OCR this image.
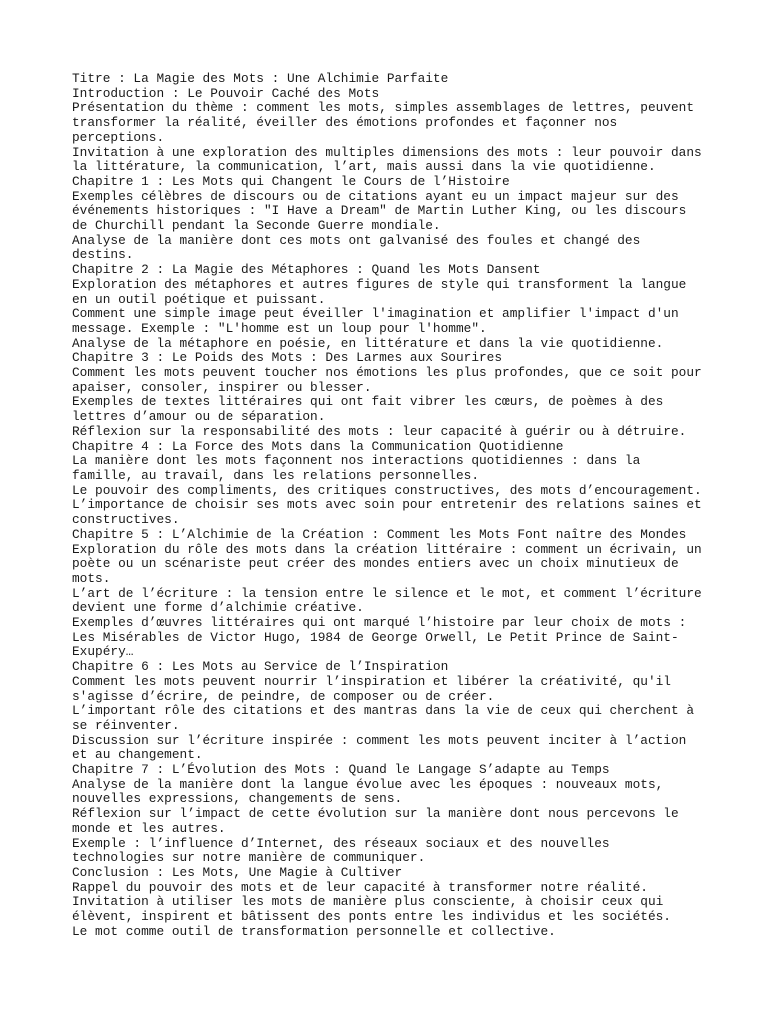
Titre : La Magie des Mots : Une Alchimie Parfaite

Introduction : Le Pouvoir Caché des Mots

Présentation du thème : comment les mots, simples assemblages de lettres, peuvent transformer la réalité, éveiller des émotions profondes et façonner nos perceptions.

Invitation à une exploration des multiples dimensions des mots : leur pouvoir dans la littérature, la communication, l’art, mais aussi dans la vie quotidienne.

Chapitre 1 : Les Mots qui Changent le Cours de l’Histoire

Exemples célèbres de discours ou de citations ayant eu un impact majeur sur des événements historiques : "I Have a Dream" de Martin Luther King, ou les discours de Churchill pendant la Seconde Guerre mondiale.

Analyse de la manière dont ces mots ont galvanisé des foules et changé des destins.

Chapitre 2 : La Magie des Métaphores : Quand les Mots Dansent

Exploration des métaphores et autres figures de style qui transforment la langue en un outil poétique et puissant.

Comment une simple image peut éveiller l'imagination et amplifier l'impact d'un message. Exemple : "L'homme est un loup pour l'homme".

Analyse de la métaphore en poésie, en littérature et dans la vie quotidienne.

Chapitre 3 : Le Poids des Mots : Des Larmes aux Sourires

Comment les mots peuvent toucher nos émotions les plus profondes, que ce soit pour apaiser, consoler, inspirer ou blesser.

Exemples de textes littéraires qui ont fait vibrer les cœurs, de poèmes à des lettres d’amour ou de séparation.

Réflexion sur la responsabilité des mots : leur capacité à guérir ou à détruire.

Chapitre 4 : La Force des Mots dans la Communication Quotidienne

La manière dont les mots façonnent nos interactions quotidiennes : dans la famille, au travail, dans les relations personnelles.

Le pouvoir des compliments, des critiques constructives, des mots d’encouragement.

L’importance de choisir ses mots avec soin pour entretenir des relations saines et constructives.

Chapitre 5 : L’Alchimie de la Création : Comment les Mots Font naître des Mondes

Exploration du rôle des mots dans la création littéraire : comment un écrivain, un poète ou un scénariste peut créer des mondes entiers avec un choix minutieux de mots.

L’art de l’écriture : la tension entre le silence et le mot, et comment l’écriture devient une forme d’alchimie créative.

Exemples d’œuvres littéraires qui ont marqué l’histoire par leur choix de mots : Les Misérables de Victor Hugo, 1984 de George Orwell, Le Petit Prince de Saint-Exupéry…

Chapitre 6 : Les Mots au Service de l’Inspiration

Comment les mots peuvent nourrir l’inspiration et libérer la créativité, qu'il s'agisse d’écrire, de peindre, de composer ou de créer.

L’important rôle des citations et des mantras dans la vie de ceux qui cherchent à se réinventer.

Discussion sur l’écriture inspirée : comment les mots peuvent inciter à l’action et au changement.

Chapitre 7 : L’Évolution des Mots : Quand le Langage S’adapte au Temps

Analyse de la manière dont la langue évolue avec les époques : nouveaux mots, nouvelles expressions, changements de sens.

Réflexion sur l’impact de cette évolution sur la manière dont nous percevons le monde et les autres.

Exemple : l’influence d’Internet, des réseaux sociaux et des nouvelles technologies sur notre manière de communiquer.

Conclusion : Les Mots, Une Magie à Cultiver

Rappel du pouvoir des mots et de leur capacité à transformer notre réalité.

Invitation à utiliser les mots de manière plus consciente, à choisir ceux qui élèvent, inspirent et bâtissent des ponts entre les individus et les sociétés.

Le mot comme outil de transformation personnelle et collective.
